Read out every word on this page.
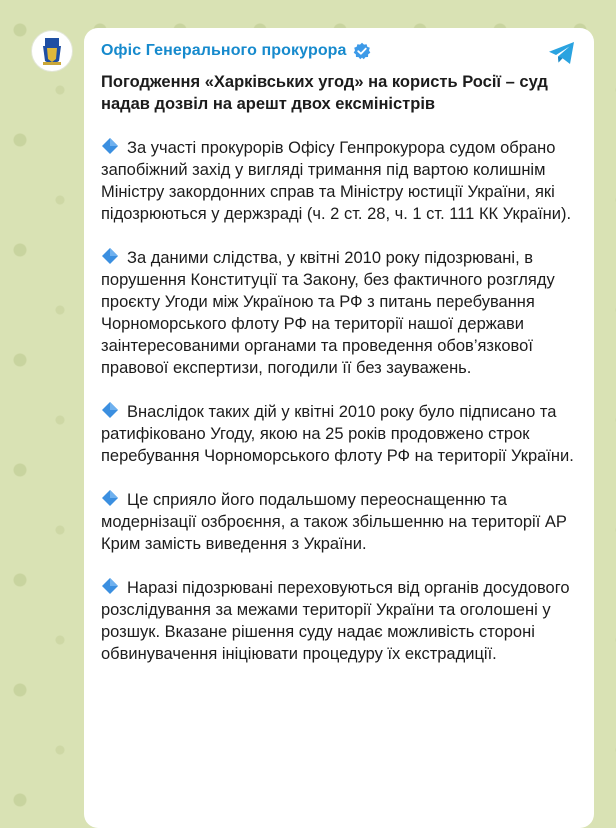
Офіс Генерального прокурора
Погодження «Харківських угод» на користь Росії – суд надав дозвіл на арешт двох ексміністрів
За участі прокурорів Офісу Генпрокурора судом обрано запобіжний захід у вигляді тримання під вартою колишнім Міністру закордонних справ та Міністру юстиції України, які підозрюються у держзраді (ч. 2 ст. 28, ч. 1 ст. 111 КК України).
За даними слідства, у квітні 2010 року підозрювані, в порушення Конституції та Закону, без фактичного розгляду проєкту Угоди між Україною та РФ з питань перебування Чорноморського флоту РФ на території нашої держави заінтересованими органами та проведення обов’язкової правової експертизи, погодили її без зауважень.
Внаслідок таких дій у квітні 2010 року було підписано та ратифіковано Угоду, якою на 25 років продовжено строк перебування Чорноморського флоту РФ на території України.
Це сприяло його подальшому переоснащенню та модернізації озброєння, а також збільшенню на території АР Крим замість виведення з України.
Наразі підозрювані переховуються від органів досудового розслідування за межами території України та оголошені у розшук. Вказане рішення суду надає можливість стороні обвинувачення ініціювати процедуру їх екстрадиції.
